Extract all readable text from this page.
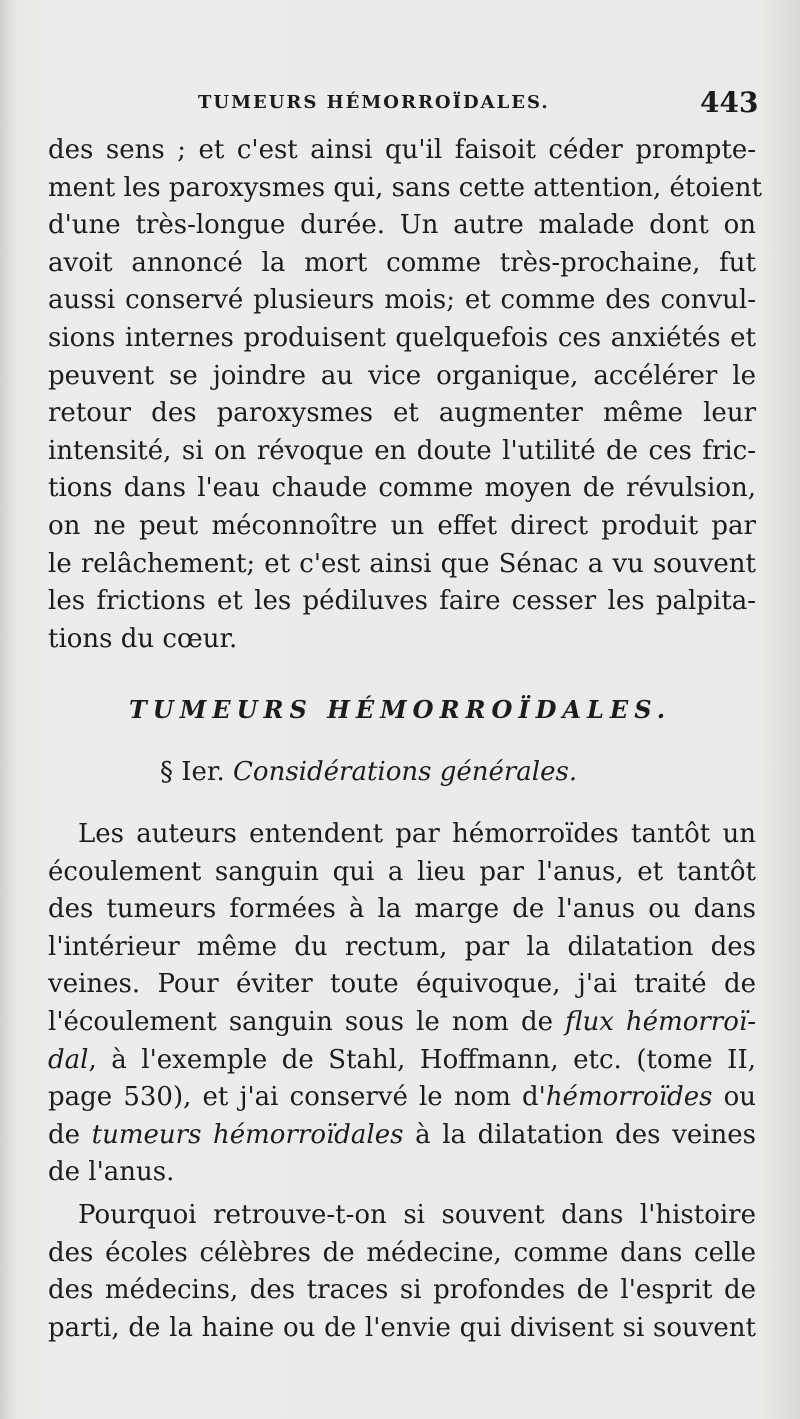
TUMEURS HÉMORROÏDALES.	443
des sens ; et c'est ainsi qu'il faisoit céder prompte-
ment les paroxysmes qui, sans cette attention, étoient
d'une très-longue durée. Un autre malade dont on
avoit annoncé la mort comme très-prochaine, fut
aussi conservé plusieurs mois; et comme des convul-
sions internes produisent quelquefois ces anxiétés et
peuvent se joindre au vice organique, accélérer le
retour des paroxysmes et augmenter même leur
intensité, si on révoque en doute l'utilité de ces fric-
tions dans l'eau chaude comme moyen de révulsion,
on ne peut méconnoître un effet direct produit par
le relâchement; et c'est ainsi que Sénac a vu souvent
les frictions et les pédiluves faire cesser les palpita-
tions du cœur.
TUMEURS HÉMORROÏDALES.
§ Ier. Considérations générales.
Les auteurs entendent par hémorroïdes tantôt un
écoulement sanguin qui a lieu par l'anus, et tantôt
des tumeurs formées à la marge de l'anus ou dans
l'intérieur même du rectum, par la dilatation des
veines. Pour éviter toute équivoque, j'ai traité de
l'écoulement sanguin sous le nom de flux hémorroï-
dal, à l'exemple de Stahl, Hoffmann, etc. (tome II,
page 530), et j'ai conservé le nom d'hémorroïdes ou
de tumeurs hémorroïdales à la dilatation des veines
de l'anus.
Pourquoi retrouve-t-on si souvent dans l'histoire
des écoles célèbres de médecine, comme dans celle
des médecins, des traces si profondes de l'esprit de
parti, de la haine ou de l'envie qui divisent si souvent
